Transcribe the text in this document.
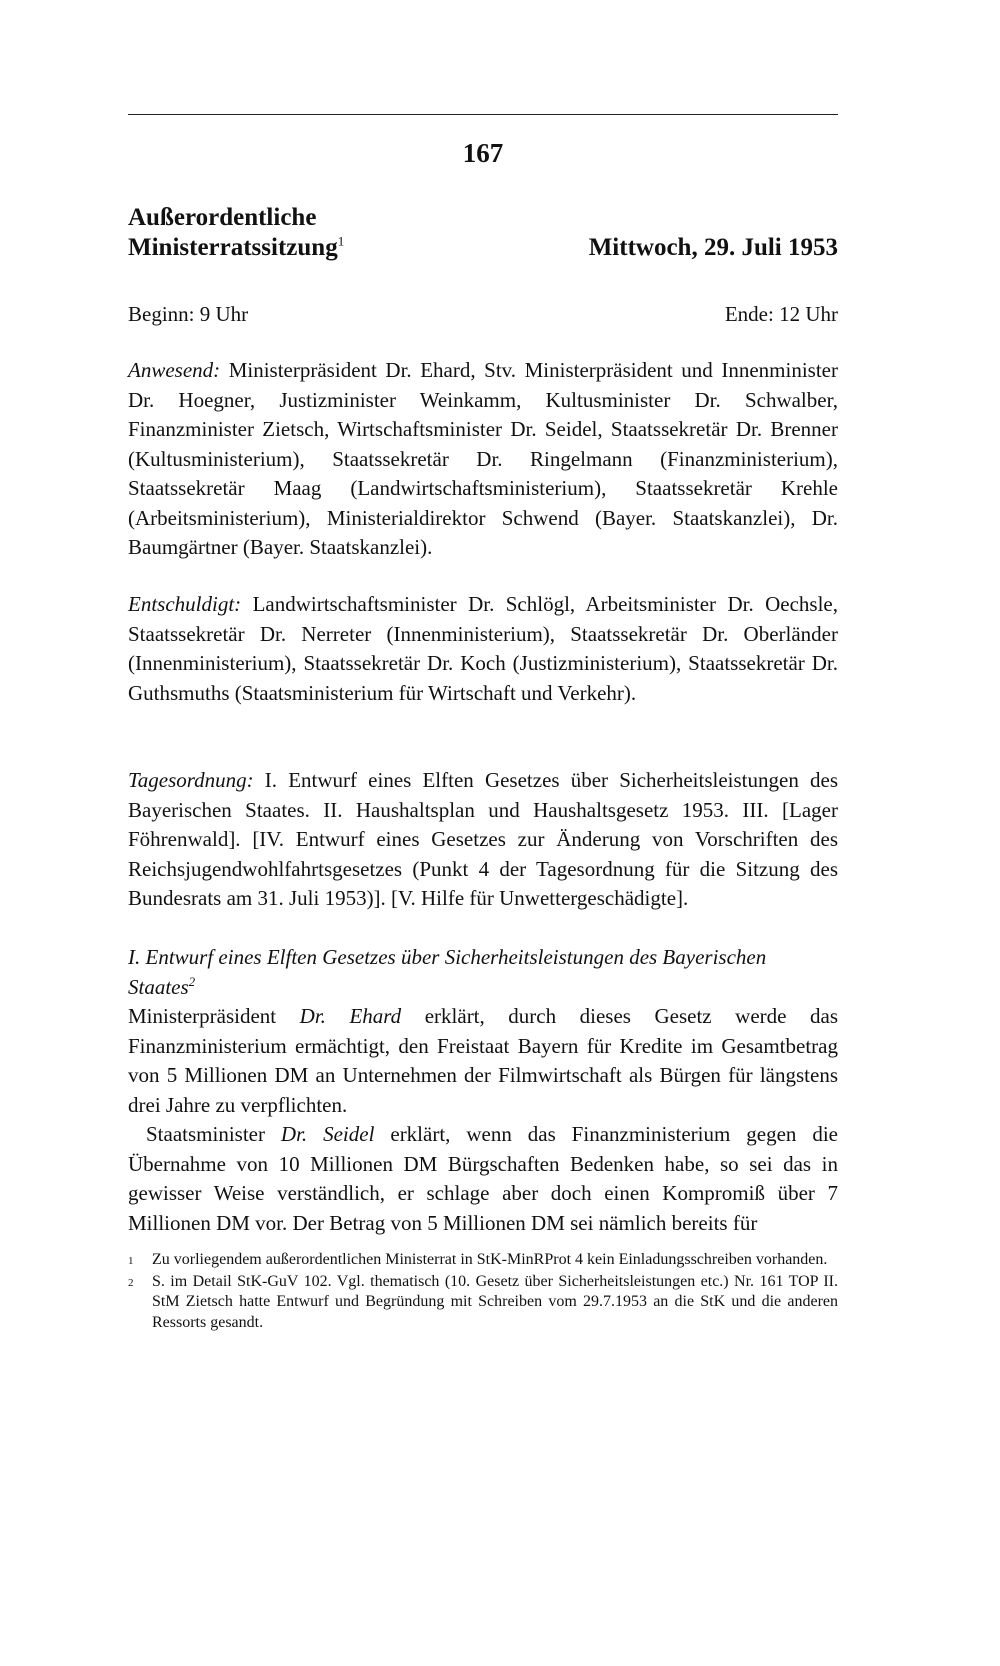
167
Außerordentliche
Ministerratssitzung$^1$	Mittwoch, 29. Juli 1953
Beginn: 9 Uhr	Ende: 12 Uhr
Anwesend: Ministerpräsident Dr. Ehard, Stv. Ministerpräsident und Innenminister Dr. Hoegner, Justizminister Weinkamm, Kultusminister Dr. Schwalber, Finanzminister Zietsch, Wirtschaftsminister Dr. Seidel, Staatssekretär Dr. Brenner (Kultusministerium), Staatssekretär Dr. Ringelmann (Finanzministerium), Staatssekretär Maag (Landwirtschaftsministerium), Staatssekretär Krehle (Arbeitsministerium), Ministerialdirektor Schwend (Bayer. Staatskanzlei), Dr. Baumgärtner (Bayer. Staatskanzlei).
Entschuldigt: Landwirtschaftsminister Dr. Schlögl, Arbeitsminister Dr. Oechsle, Staatssekretär Dr. Nerreter (Innenministerium), Staatssekretär Dr. Oberländer (Innenministerium), Staatssekretär Dr. Koch (Justizministerium), Staatssekretär Dr. Guthsmuths (Staatsministerium für Wirtschaft und Verkehr).
Tagesordnung: I. Entwurf eines Elften Gesetzes über Sicherheitsleistungen des Bayerischen Staates. II. Haushaltsplan und Haushaltsgesetz 1953. III. [Lager Föhrenwald]. [IV. Entwurf eines Gesetzes zur Änderung von Vorschriften des Reichsjugendwohlfahrtsgesetzes (Punkt 4 der Tagesordnung für die Sitzung des Bundesrats am 31. Juli 1953)]. [V. Hilfe für Unwettergeschädigte].
I. Entwurf eines Elften Gesetzes über Sicherheitsleistungen des Bayerischen Staates$^2$
Ministerpräsident Dr. Ehard erklärt, durch dieses Gesetz werde das Finanzministerium ermächtigt, den Freistaat Bayern für Kredite im Gesamtbetrag von 5 Millionen DM an Unternehmen der Filmwirtschaft als Bürgen für längstens drei Jahre zu verpflichten.
Staatsminister Dr. Seidel erklärt, wenn das Finanzministerium gegen die Übernahme von 10 Millionen DM Bürgschaften Bedenken habe, so sei das in gewisser Weise verständlich, er schlage aber doch einen Kompromiß über 7 Millionen DM vor. Der Betrag von 5 Millionen DM sei nämlich bereits für
1	Zu vorliegendem außerordentlichen Ministerrat in StK-MinRProt 4 kein Einladungsschreiben vorhanden.
2	S. im Detail StK-GuV 102. Vgl. thematisch (10. Gesetz über Sicherheitsleistungen etc.) Nr. 161 TOP II. StM Zietsch hatte Entwurf und Begründung mit Schreiben vom 29.7.1953 an die StK und die anderen Ressorts gesandt.
